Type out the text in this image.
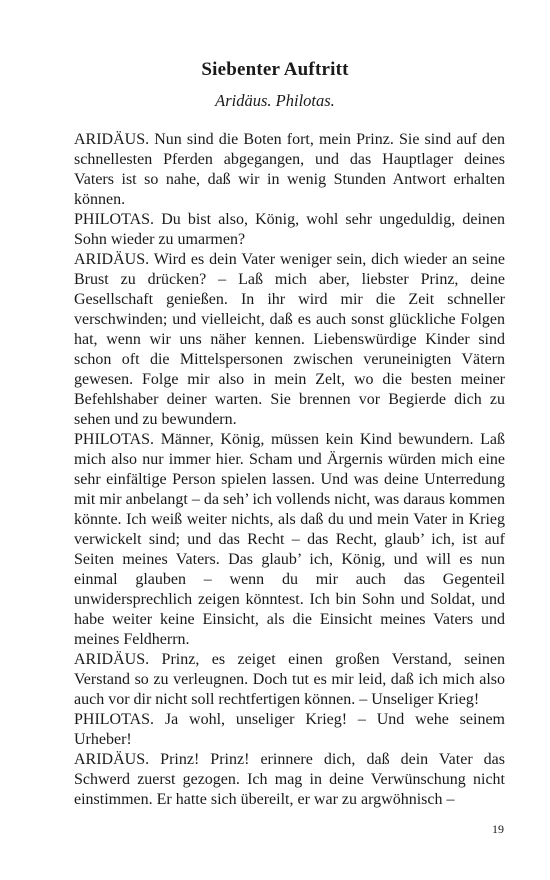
Siebenter Auftritt

Aridäus. Philotas.

ARIDÄUS. Nun sind die Boten fort, mein Prinz. Sie sind auf den schnellesten Pferden abgegangen, und das Hauptlager deines Vaters ist so nahe, daß wir in wenig Stunden Antwort erhalten können.

PHILOTAS. Du bist also, König, wohl sehr ungeduldig, deinen Sohn wieder zu umarmen?

ARIDÄUS. Wird es dein Vater weniger sein, dich wieder an seine Brust zu drücken? – Laß mich aber, liebster Prinz, deine Gesellschaft genießen. In ihr wird mir die Zeit schneller verschwinden; und vielleicht, daß es auch sonst glückliche Folgen hat, wenn wir uns näher kennen. Liebenswürdige Kinder sind schon oft die Mittelspersonen zwischen veruneinigten Vätern gewesen. Folge mir also in mein Zelt, wo die besten meiner Befehlshaber deiner warten. Sie brennen vor Begierde dich zu sehen und zu bewundern.

PHILOTAS. Männer, König, müssen kein Kind bewundern. Laß mich also nur immer hier. Scham und Ärgernis würden mich eine sehr einfältige Person spielen lassen. Und was deine Unterredung mit mir anbelangt – da seh’ ich vollends nicht, was daraus kommen könnte. Ich weiß weiter nichts, als daß du und mein Vater in Krieg verwickelt sind; und das Recht – das Recht, glaub’ ich, ist auf Seiten meines Vaters. Das glaub’ ich, König, und will es nun einmal glauben – wenn du mir auch das Gegenteil unwidersprechlich zeigen könntest. Ich bin Sohn und Soldat, und habe weiter keine Einsicht, als die Einsicht meines Vaters und meines Feldherrn.

ARIDÄUS. Prinz, es zeiget einen großen Verstand, seinen Verstand so zu verleugnen. Doch tut es mir leid, daß ich mich also auch vor dir nicht soll rechtfertigen können. – Unseliger Krieg!

PHILOTAS. Ja wohl, unseliger Krieg! – Und wehe seinem Urheber!

ARIDÄUS. Prinz! Prinz! erinnere dich, daß dein Vater das Schwerd zuerst gezogen. Ich mag in deine Verwünschung nicht einstimmen. Er hatte sich übereilt, er war zu argwöhnisch –

19
